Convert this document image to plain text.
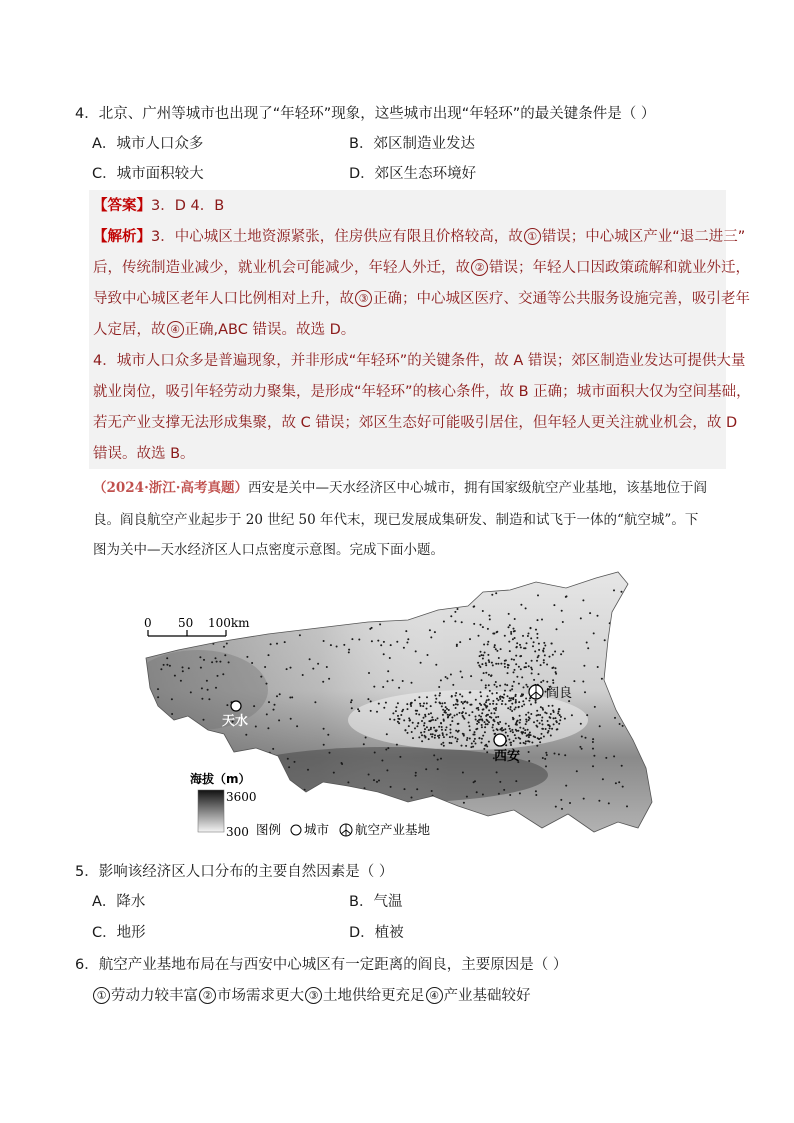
4．北京、广州等城市也出现了“年轻环”现象，这些城市出现“年轻环”的最关键条件是（ ）
A．城市人口众多	B．郊区制造业发达
C．城市面积较大	D．郊区生态环境好
【答案】3．D 4．B
【解析】3．中心城区土地资源紧张，住房供应有限且价格较高，故 ① 错误；中心城区产业“退二进三”
后，传统制造业减少，就业机会可能减少，年轻人外迁，故 ② 错误；年轻人口因政策疏解和就业外迁，
导致中心城区老年人口比例相对上升，故 ③ 正确；中心城区医疗、交通等公共服务设施完善，吸引老年
人定居，故 ④ 正确,ABC 错误。故选 D。
4．城市人口众多是普遍现象，并非形成“年轻环”的关键条件，故 A 错误；郊区制造业发达可提供大量
就业岗位，吸引年轻劳动力聚集，是形成“年轻环”的核心条件，故 B 正确；城市面积大仅为空间基础，
若无产业支撑无法形成集聚，故 C 错误；郊区生态好可能吸引居住，但年轻人更关注就业机会，故 D
错误。故选 B。
（2024·浙江·高考真题）西安是关中—天水经济区中心城市，拥有国家级航空产业基地，该基地位于阎
良。阎良航空产业起步于 20 世纪 50 年代末，现已发展成集研发、制造和试飞于一体的“航空城”。下
图为关中—天水经济区人口点密度示意图。完成下面小题。
0 50 100km
天水
西安
阎良
海拔（m）
3600
300 图例 城市 航空产业基地
5．影响该经济区人口分布的主要自然因素是（ ）
A．降水	B．气温
C．地形	D．植被
6．航空产业基地布局在与西安中心城区有一定距离的阎良，主要原因是（ ）
① 劳动力较丰富 ② 市场需求更大 ③ 土地供给更充足 ④ 产业基础较好
